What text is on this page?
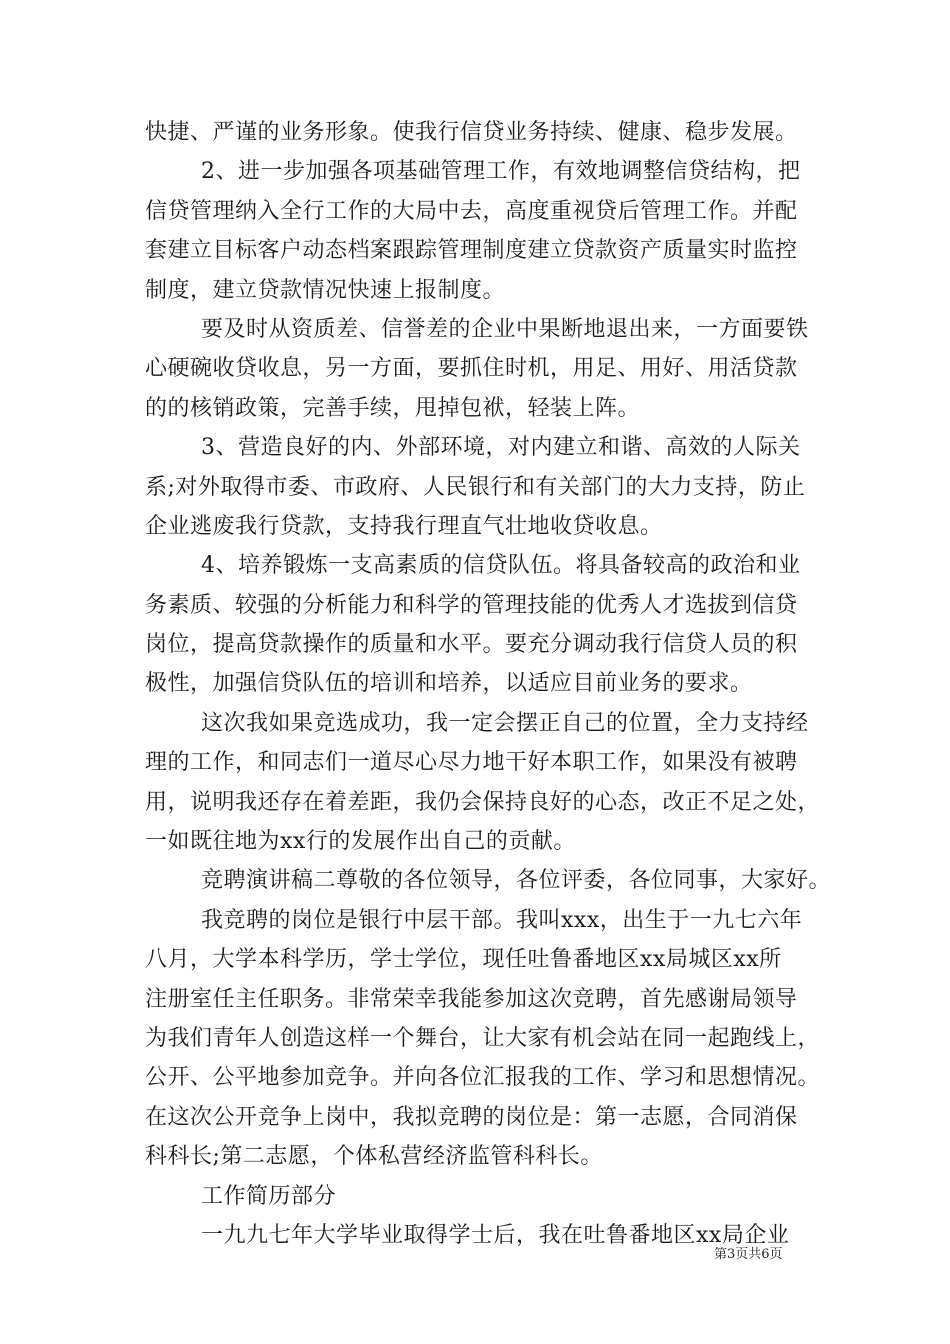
快捷、严谨的业务形象。使我行信贷业务持续、健康、稳步发展。
2、进一步加强各项基础管理工作，有效地调整信贷结构，把
信贷管理纳入全行工作的大局中去，高度重视贷后管理工作。并配
套建立目标客户动态档案跟踪管理制度建立贷款资产质量实时监控
制度，建立贷款情况快速上报制度。
要及时从资质差、信誉差的企业中果断地退出来，一方面要铁
心硬碗收贷收息，另一方面，要抓住时机，用足、用好、用活贷款
的的核销政策，完善手续，甩掉包袱，轻装上阵。
3、营造良好的内、外部环境，对内建立和谐、高效的人际关
系;对外取得市委、市政府、人民银行和有关部门的大力支持，防止
企业逃废我行贷款，支持我行理直气壮地收贷收息。
4、培养锻炼一支高素质的信贷队伍。将具备较高的政治和业
务素质、较强的分析能力和科学的管理技能的优秀人才选拔到信贷
岗位，提高贷款操作的质量和水平。要充分调动我行信贷人员的积
极性，加强信贷队伍的培训和培养，以适应目前业务的要求。
这次我如果竞选成功，我一定会摆正自己的位置，全力支持经
理的工作，和同志们一道尽心尽力地干好本职工作，如果没有被聘
用，说明我还存在着差距，我仍会保持良好的心态，改正不足之处，
一如既往地为xx行的发展作出自己的贡献。
竞聘演讲稿二尊敬的各位领导，各位评委，各位同事，大家好。
我竞聘的岗位是银行中层干部。我叫xxx，出生于一九七六年
八月，大学本科学历，学士学位，现任吐鲁番地区xx局城区xx所
注册室任主任职务。非常荣幸我能参加这次竞聘，首先感谢局领导
为我们青年人创造这样一个舞台，让大家有机会站在同一起跑线上，
公开、公平地参加竞争。并向各位汇报我的工作、学习和思想情况。
在这次公开竞争上岗中，我拟竞聘的岗位是：第一志愿，合同消保
科科长;第二志愿，个体私营经济监管科科长。
工作简历部分
一九九七年大学毕业取得学士后，我在吐鲁番地区xx局企业
第3页共6页
